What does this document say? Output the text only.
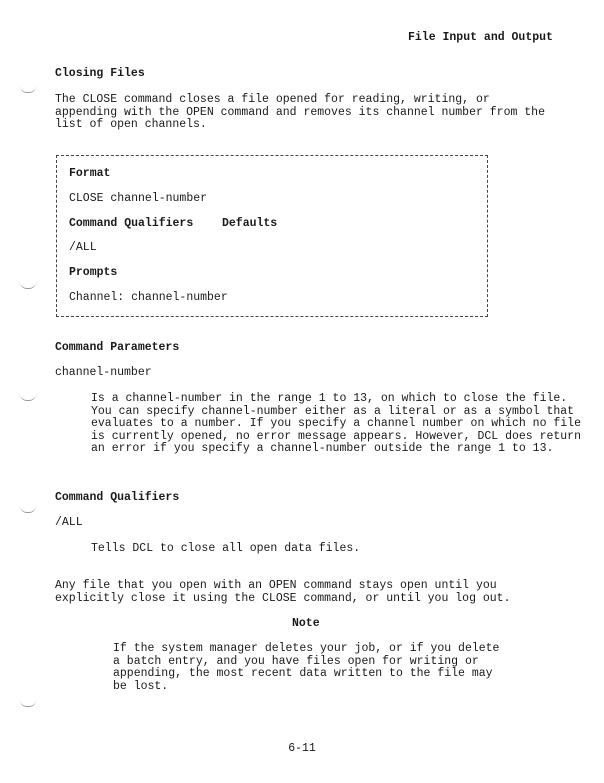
File Input and Output
Closing Files
The CLOSE command closes a file opened for reading, writing, or appending with the OPEN command and removes its channel number from the list of open channels.
Format
CLOSE channel-number
Command Qualifiers	Defaults
/ALL
Prompts
Channel: channel-number
Command Parameters
channel-number
Is a channel-number in the range 1 to 13, on which to close the file. You can specify channel-number either as a literal or as a symbol that evaluates to a number. If you specify a channel number on which no file is currently opened, no error message appears. However, DCL does return an error if you specify a channel-number outside the range 1 to 13.
Command Qualifiers
/ALL
Tells DCL to close all open data files.
Any file that you open with an OPEN command stays open until you explicitly close it using the CLOSE command, or until you log out.
Note
If the system manager deletes your job, or if you delete a batch entry, and you have files open for writing or appending, the most recent data written to the file may be lost.
6-11
